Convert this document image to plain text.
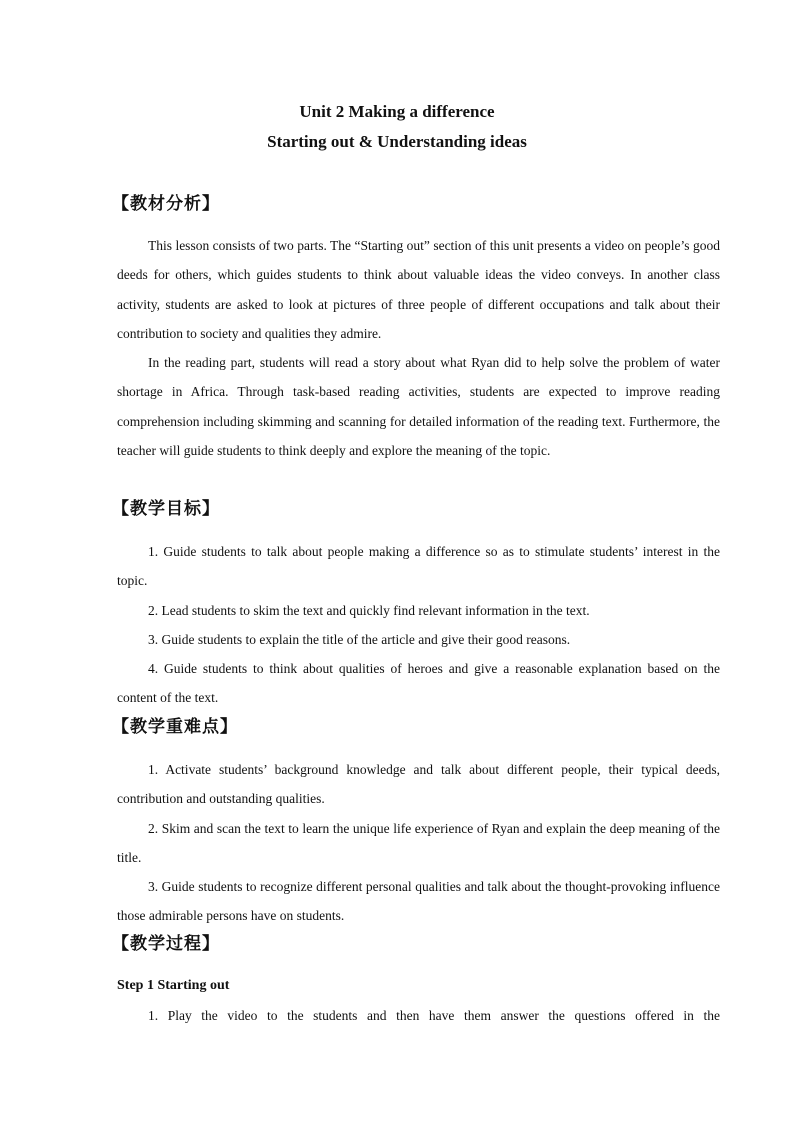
Unit 2 Making a difference
Starting out & Understanding ideas
【教材分析】

This lesson consists of two parts. The “Starting out” section of this unit presents a video on people’s good deeds for others, which guides students to think about valuable ideas the video conveys. In another class activity, students are asked to look at pictures of three people of different occupations and talk about their contribution to society and qualities they admire.

In the reading part, students will read a story about what Ryan did to help solve the problem of water shortage in Africa. Through task-based reading activities, students are expected to improve reading comprehension including skimming and scanning for detailed information of the reading text. Furthermore, the teacher will guide students to think deeply and explore the meaning of the topic.

【教学目标】

1. Guide students to talk about people making a difference so as to stimulate students’ interest in the topic.

2. Lead students to skim the text and quickly find relevant information in the text.

3. Guide students to explain the title of the article and give their good reasons.

4. Guide students to think about qualities of heroes and give a reasonable explanation based on the content of the text.

【教学重难点】

1. Activate students’ background knowledge and talk about different people, their typical deeds, contribution and outstanding qualities.

2. Skim and scan the text to learn the unique life experience of Ryan and explain the deep meaning of the title.

3. Guide students to recognize different personal qualities and talk about the thought-provoking influence those admirable persons have on students.

【教学过程】
Step 1 Starting out

1. Play the video to the students and then have them answer the questions offered in the
